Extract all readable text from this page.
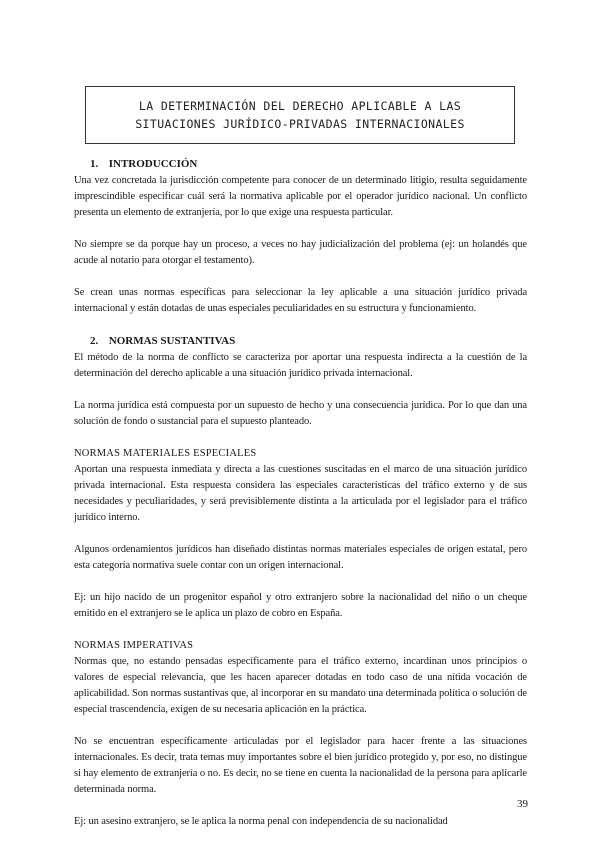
LA DETERMINACIÓN DEL DERECHO APLICABLE A LAS SITUACIONES JURÍDICO-PRIVADAS INTERNACIONALES
1. INTRODUCCIÓN

Una vez concretada la jurisdicción competente para conocer de un determinado litigio, resulta seguidamente imprescindible especificar cuál será la normativa aplicable por el operador jurídico nacional. Un conflicto presenta un elemento de extranjería, por lo que exige una respuesta particular.

No siempre se da porque hay un proceso, a veces no hay judicialización del problema (ej: un holandés que acude al notario para otorgar el testamento).

Se crean unas normas específicas para seleccionar la ley aplicable a una situación jurídico privada internacional y están dotadas de unas especiales peculiaridades en su estructura y funcionamiento.

2. NORMAS SUSTANTIVAS

El método de la norma de conflicto se caracteriza por aportar una respuesta indirecta a la cuestión de la determinación del derecho aplicable a una situación jurídico privada internacional.

La norma jurídica está compuesta por un supuesto de hecho y una consecuencia jurídica. Por lo que dan una solución de fondo o sustancial para el supuesto planteado.

NORMAS MATERIALES ESPECIALES

Aportan una respuesta inmediata y directa a las cuestiones suscitadas en el marco de una situación jurídico privada internacional. Esta respuesta considera las especiales características del tráfico externo y de sus necesidades y peculiaridades, y será previsiblemente distinta a la articulada por el legislador para el tráfico jurídico interno.

Algunos ordenamientos jurídicos han diseñado distintas normas materiales especiales de origen estatal, pero esta categoría normativa suele contar con un origen internacional.

Ej: un hijo nacido de un progenitor español y otro extranjero sobre la nacionalidad del niño o un cheque emitido en el extranjero se le aplica un plazo de cobro en España.

NORMAS IMPERATIVAS

Normas que, no estando pensadas específicamente para el tráfico externo, incardinan unos principios o valores de especial relevancia, que les hacen aparecer dotadas en todo caso de una nítida vocación de aplicabilidad. Son normas sustantivas que, al incorporar en su mandato una determinada política o solución de especial trascendencia, exigen de su necesaria aplicación en la práctica.

No se encuentran específicamente articuladas por el legislador para hacer frente a las situaciones internacionales. Es decir, trata temas muy importantes sobre el bien jurídico protegido y, por eso, no distingue si hay elemento de extranjería o no. Es decir, no se tiene en cuenta la nacionalidad de la persona para aplicarle determinada norma.

Ej: un asesino extranjero, se le aplica la norma penal con independencia de su nacionalidad

39
